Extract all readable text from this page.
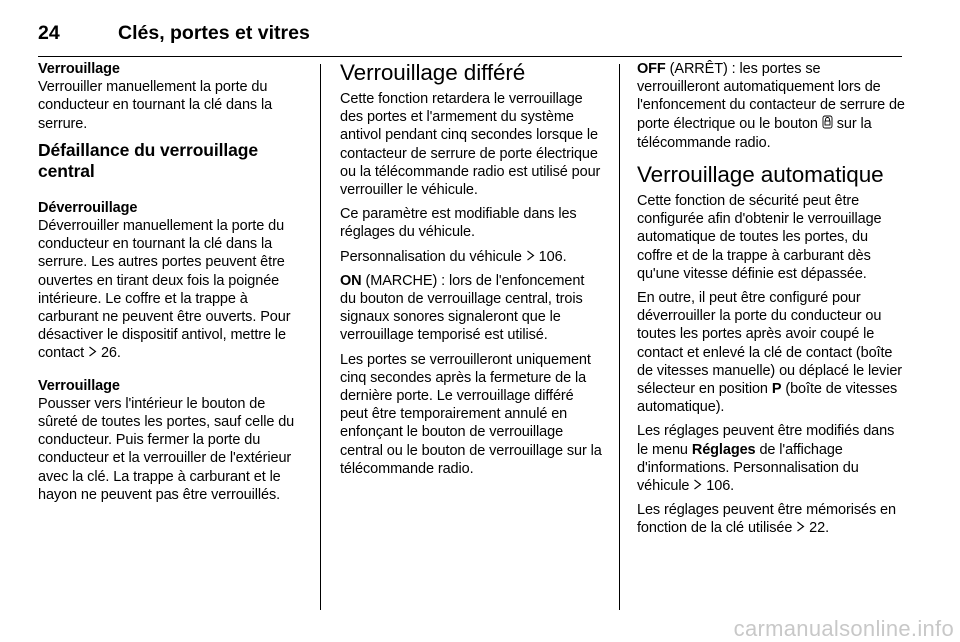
24	Clés, portes et vitres
Verrouillage
Verrouiller manuellement la porte du conducteur en tournant la clé dans la serrure.
Défaillance du verrouillage central
Déverrouillage
Déverrouiller manuellement la porte du conducteur en tournant la clé dans la serrure. Les autres portes peuvent être ouvertes en tirant deux fois la poignée intérieure. Le coffre et la trappe à carburant ne peuvent être ouverts. Pour désactiver le dispositif antivol, mettre le contact 26.
Verrouillage
Pousser vers l'intérieur le bouton de sûreté de toutes les portes, sauf celle du conducteur. Puis fermer la porte du conducteur et la verrouiller de l'extérieur avec la clé. La trappe à carburant et le hayon ne peuvent pas être verrouillés.
Verrouillage différé
Cette fonction retardera le verrouillage des portes et l'armement du système antivol pendant cinq secondes lorsque le contacteur de serrure de porte électrique ou la télécommande radio est utilisé pour verrouiller le véhicule.
Ce paramètre est modifiable dans les réglages du véhicule.
Personnalisation du véhicule 106.
ON (MARCHE) : lors de l'enfoncement du bouton de verrouillage central, trois signaux sonores signaleront que le verrouillage temporisé est utilisé.
Les portes se verrouilleront uniquement cinq secondes après la fermeture de la dernière porte. Le verrouillage différé peut être temporairement annulé en enfonçant le bouton de verrouillage central ou le bouton de verrouillage sur la télécommande radio.
OFF (ARRÊT) : les portes se verrouilleront automatiquement lors de l'enfoncement du contacteur de serrure de porte électrique ou le bouton sur la télécommande radio.
Verrouillage automatique
Cette fonction de sécurité peut être configurée afin d'obtenir le verrouillage automatique de toutes les portes, du coffre et de la trappe à carburant dès qu'une vitesse définie est dépassée.
En outre, il peut être configuré pour déverrouiller la porte du conducteur ou toutes les portes après avoir coupé le contact et enlevé la clé de contact (boîte de vitesses manuelle) ou déplacé le levier sélecteur en position P (boîte de vitesses automatique).
Les réglages peuvent être modifiés dans le menu Réglages de l'affichage d'informations. Personnalisation du véhicule 106.
Les réglages peuvent être mémorisés en fonction de la clé utilisée 22.
carmanualsonline.info
